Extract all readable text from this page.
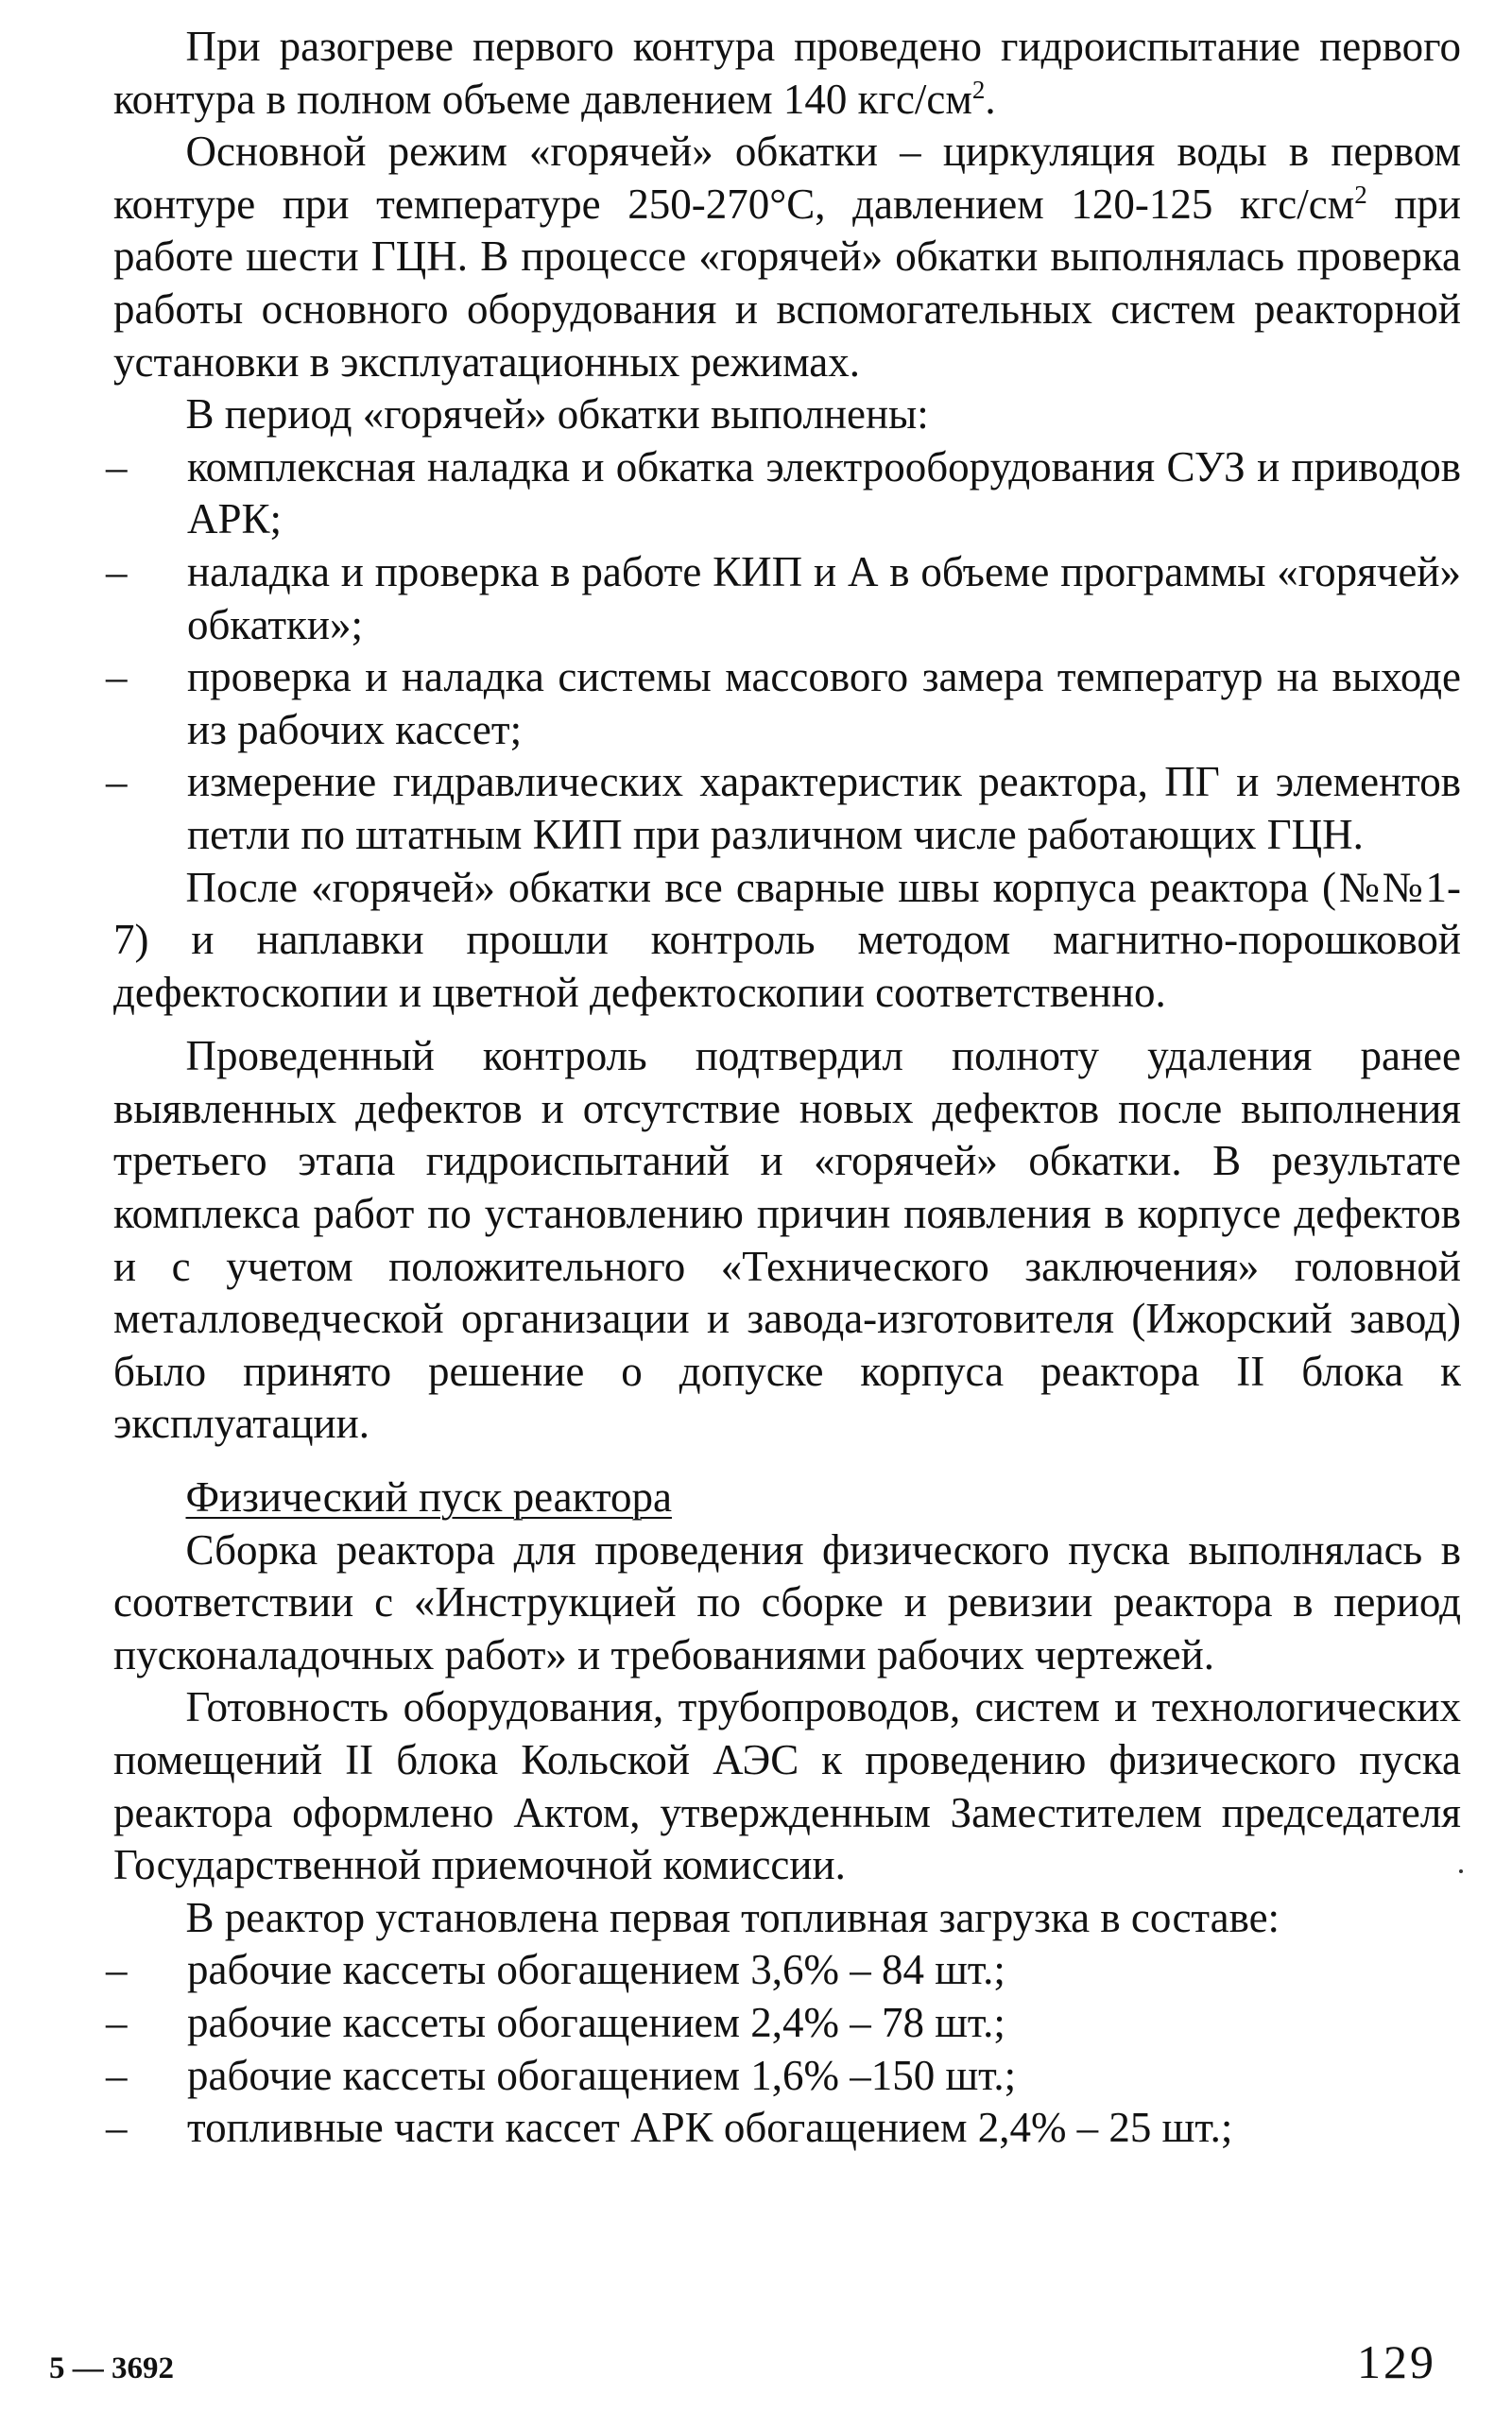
При разогреве первого контура проведено гидроиспытание первого контура в полном объеме давлением 140 кгс/$см^2$.

Основной режим «горячей» обкатки – циркуляция воды в первом контуре при температуре 250-270°С, давлением 120-125 кгс/$см^2$ при работе шести ГЦН. В процессе «горячей» обкатки выполнялась проверка работы основного оборудования и вспомогательных систем реакторной установки в эксплуатационных режимах.

В период «горячей» обкатки выполнены:

–	комплексная наладка и обкатка электрооборудования СУЗ и приводов АРК;

–	наладка и проверка в работе КИП и А в объеме программы «горячей» обкатки»;

–	проверка и наладка системы массового замера температур на выходе из рабочих кассет;

–	измерение гидравлических характеристик реактора, ПГ и элементов петли по штатным КИП при различном числе работающих ГЦН.

После «горячей» обкатки все сварные швы корпуса реактора (№№1-7) и наплавки прошли контроль методом магнитно-порошковой дефектоскопии и цветной дефектоскопии соответственно.

Проведенный контроль подтвердил полноту удаления ранее выявленных дефектов и отсутствие новых дефектов после выполнения третьего этапа гидроиспытаний и «горячей» обкатки. В результате комплекса работ по установлению причин появления в корпусе дефектов и с учетом положительного «Технического заключения» головной металловедческой организации и завода-изготовителя (Ижорский завод) было принято решение о допуске корпуса реактора II блока к эксплуатации.

Физический пуск реактора

Сборка реактора для проведения физического пуска выполнялась в соответствии с «Инструкцией по сборке и ревизии реактора в период пусконаладочных работ» и требованиями рабочих чертежей.

Готовность оборудования, трубопроводов, систем и технологических помещений II блока Кольской АЭС к проведению физического пуска реактора оформлено Актом, утвержденным Заместителем председателя Государственной приемочной комиссии.

В реактор установлена первая топливная загрузка в составе:

–	рабочие кассеты обогащением 3,6% – 84 шт.;

–	рабочие кассеты обогащением 2,4% – 78 шт.;

–	рабочие кассеты обогащением 1,6% –150 шт.;

–	топливные части кассет АРК обогащением 2,4% – 25 шт.;

5 — 3692	129
